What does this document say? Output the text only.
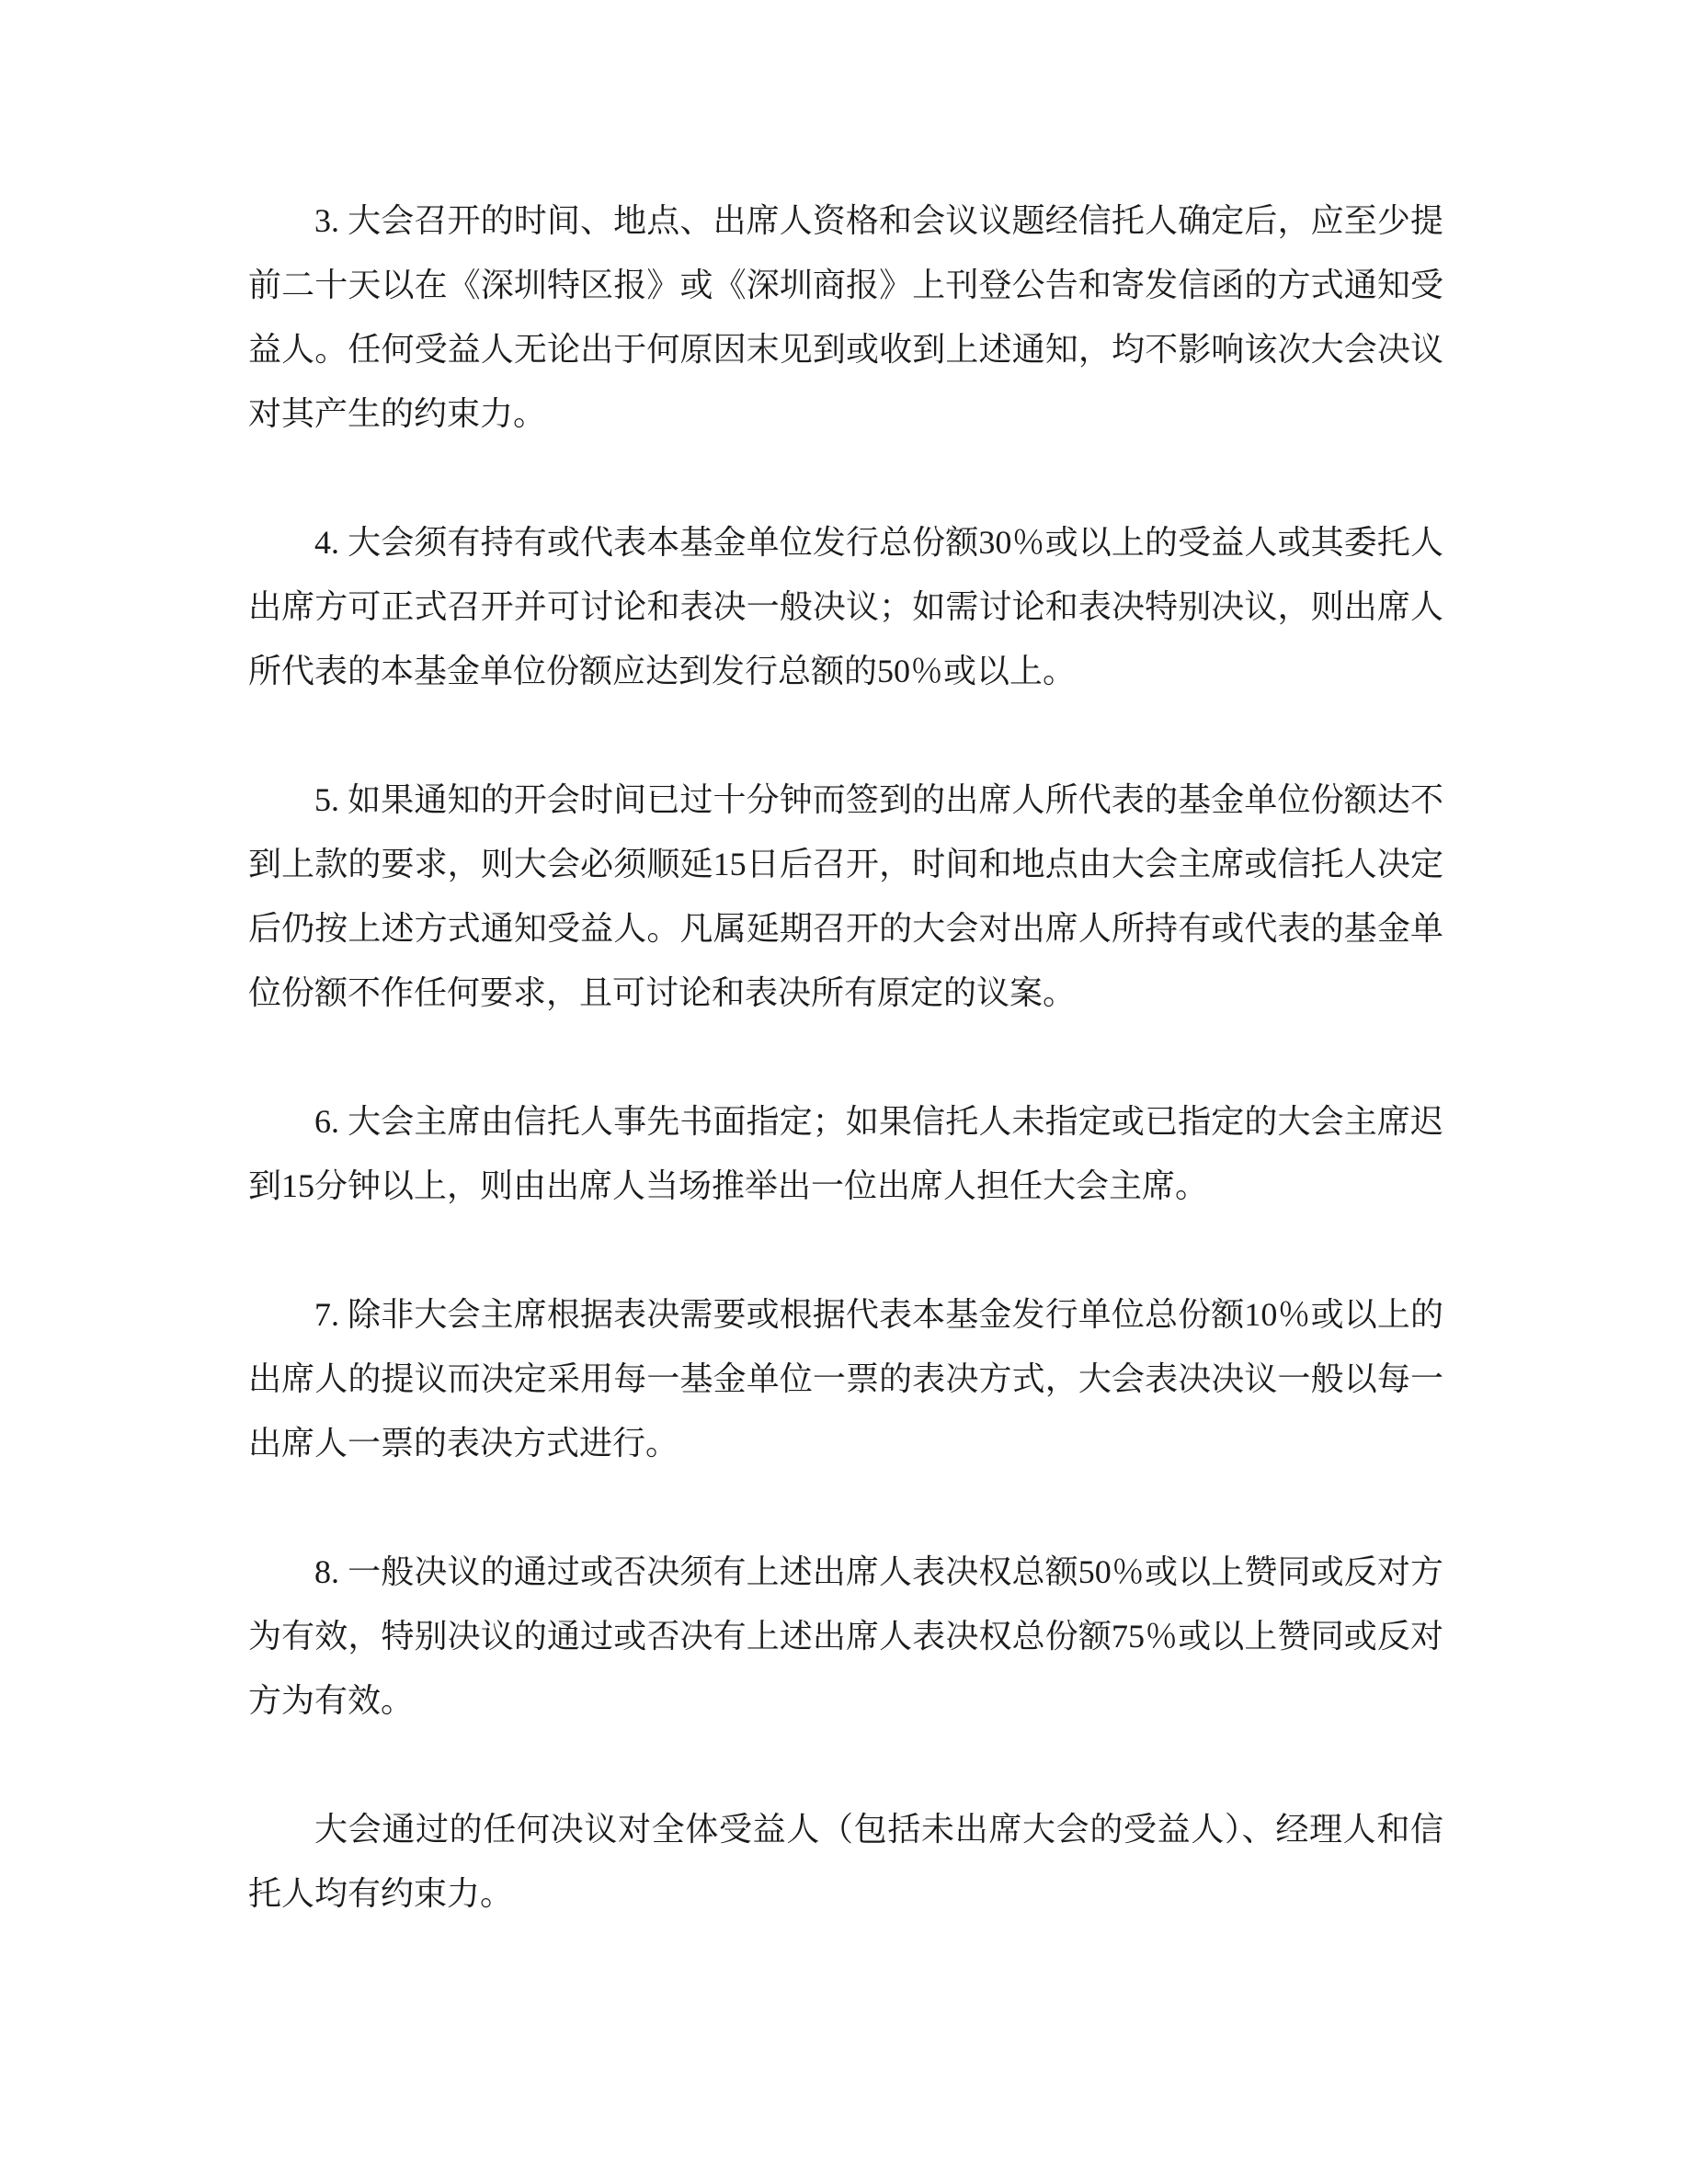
3. 大会召开的时间、地点、出席人资格和会议议题经信托人确定后，应至少提
前二十天以在《深圳特区报》或《深圳商报》上刊登公告和寄发信函的方式通知受
益人。任何受益人无论出于何原因末见到或收到上述通知，均不影响该次大会决议
对其产生的约束力。
4. 大会须有持有或代表本基金单位发行总份额30％或以上的受益人或其委托人
出席方可正式召开并可讨论和表决一般决议；如需讨论和表决特别决议，则出席人
所代表的本基金单位份额应达到发行总额的50％或以上。
5. 如果通知的开会时间已过十分钟而签到的出席人所代表的基金单位份额达不
到上款的要求，则大会必须顺延15日后召开，时间和地点由大会主席或信托人决定
后仍按上述方式通知受益人。凡属延期召开的大会对出席人所持有或代表的基金单
位份额不作任何要求，且可讨论和表决所有原定的议案。
6. 大会主席由信托人事先书面指定；如果信托人未指定或已指定的大会主席迟
到15分钟以上，则由出席人当场推举出一位出席人担任大会主席。
7. 除非大会主席根据表决需要或根据代表本基金发行单位总份额10％或以上的
出席人的提议而决定采用每一基金单位一票的表决方式，大会表决决议一般以每一
出席人一票的表决方式进行。
8. 一般决议的通过或否决须有上述出席人表决权总额50％或以上赞同或反对方
为有效，特别决议的通过或否决有上述出席人表决权总份额75％或以上赞同或反对
方为有效。
大会通过的任何决议对全体受益人（包括未出席大会的受益人）、经理人和信
托人均有约束力。
